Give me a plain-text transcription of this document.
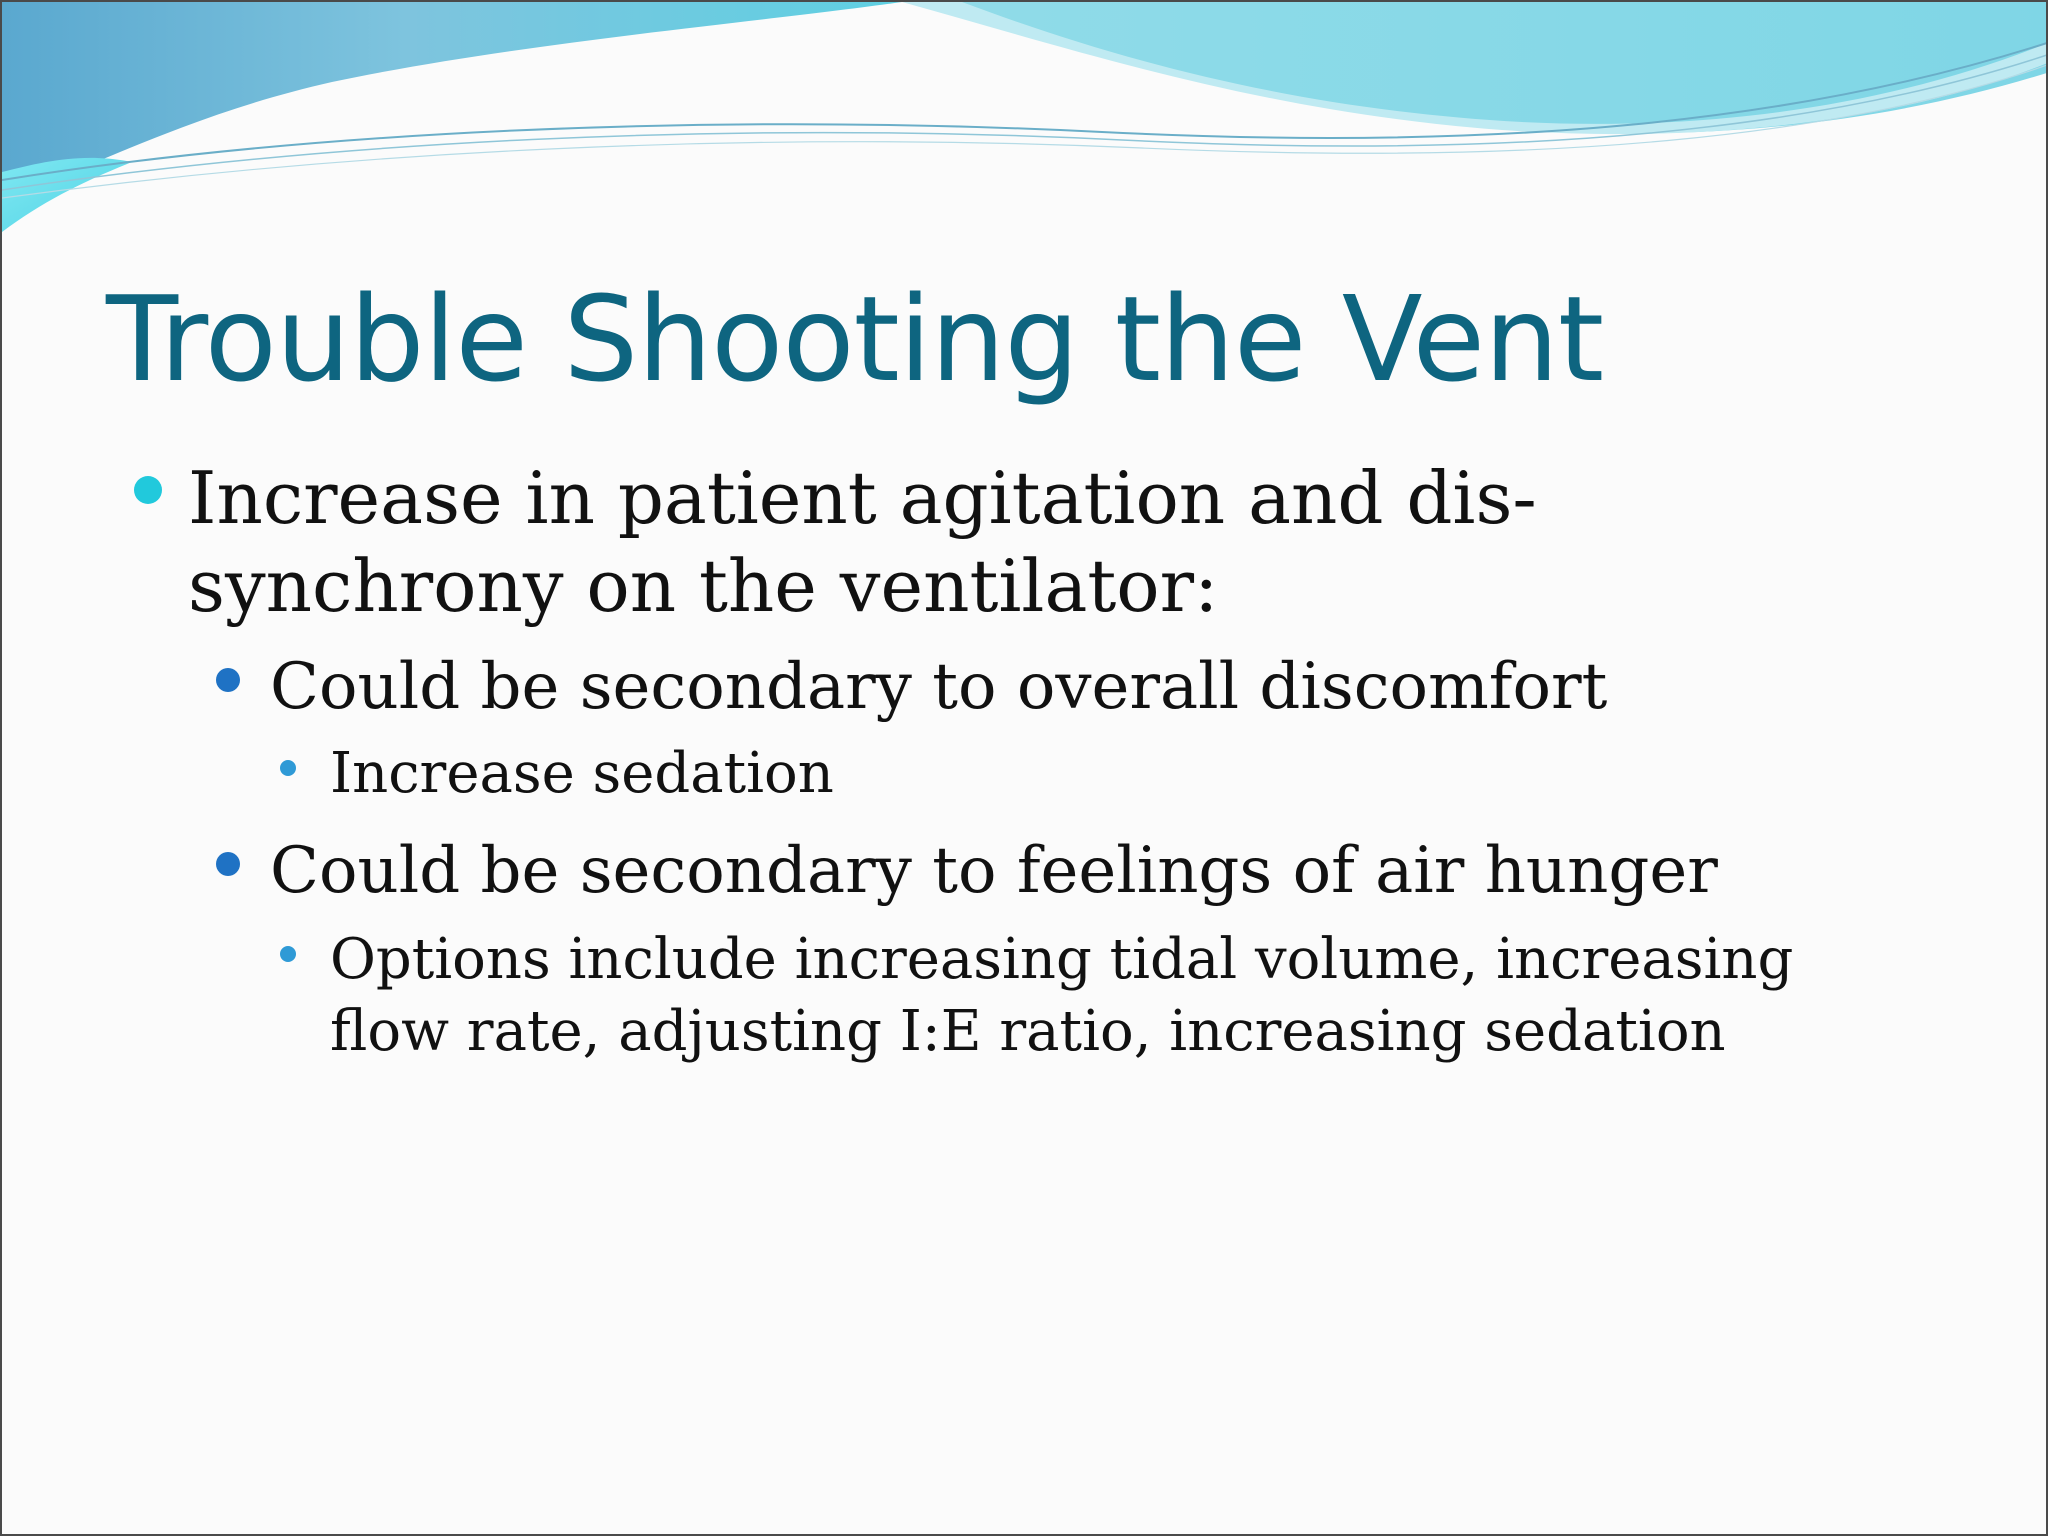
Trouble Shooting the Vent
Increase in patient agitation and dis-synchrony on the ventilator:
Could be secondary to overall discomfort
Increase sedation
Could be secondary to feelings of air hunger
Options include increasing tidal volume, increasing flow rate, adjusting I:E ratio, increasing sedation
